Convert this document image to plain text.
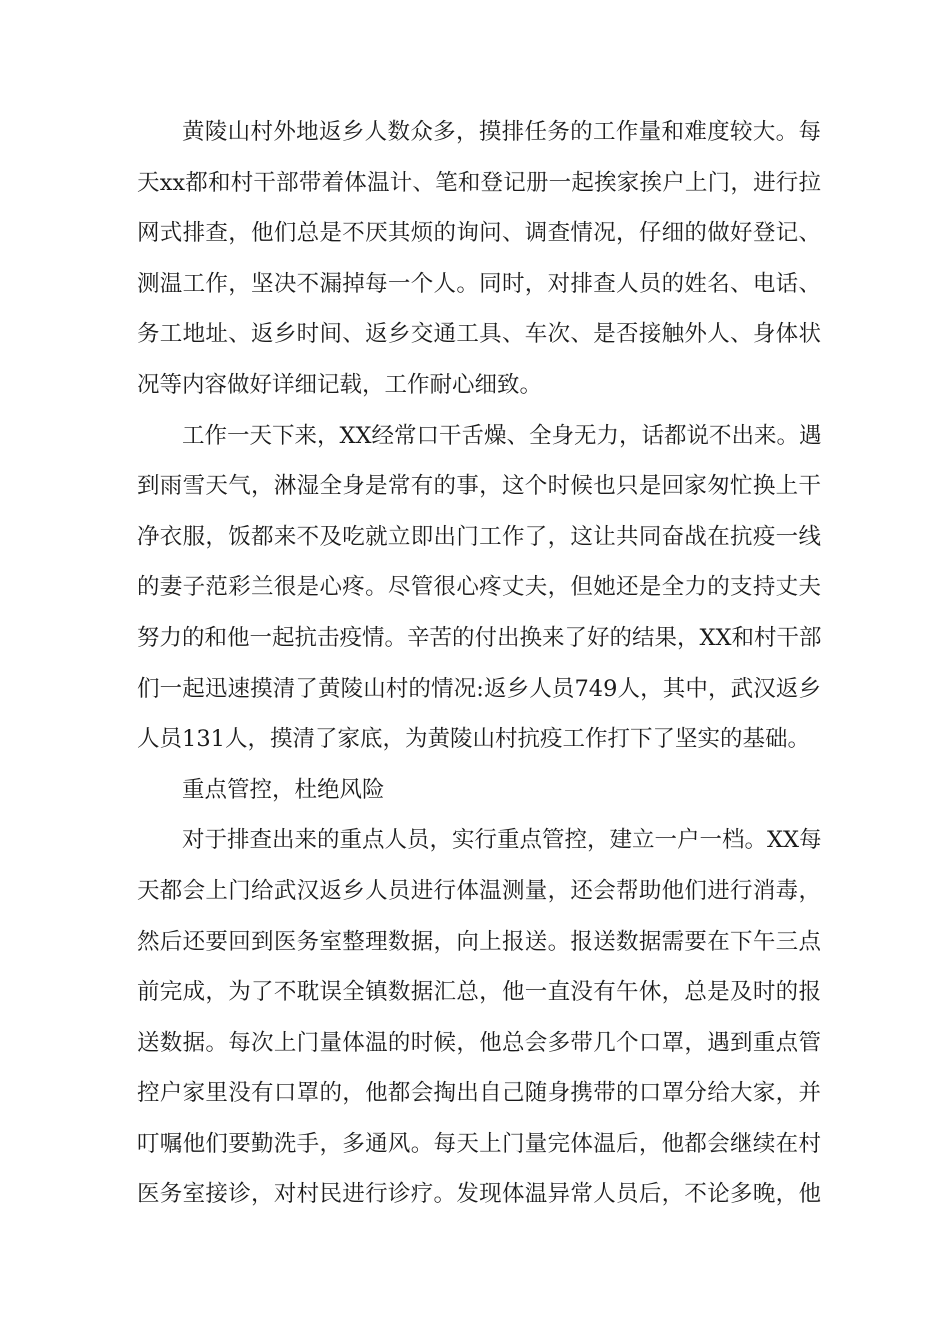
黄陵山村外地返乡人数众多，摸排任务的工作量和难度较大。每
天xx都和村干部带着体温计、笔和登记册一起挨家挨户上门，进行拉
网式排查，他们总是不厌其烦的询问、调查情况，仔细的做好登记、
测温工作，坚决不漏掉每一个人。同时，对排查人员的姓名、电话、
务工地址、返乡时间、返乡交通工具、车次、是否接触外人、身体状
况等内容做好详细记载，工作耐心细致。
工作一天下来，XX经常口干舌燥、全身无力，话都说不出来。遇
到雨雪天气，淋湿全身是常有的事，这个时候也只是回家匆忙换上干
净衣服，饭都来不及吃就立即出门工作了，这让共同奋战在抗疫一线
的妻子范彩兰很是心疼。尽管很心疼丈夫，但她还是全力的支持丈夫
努力的和他一起抗击疫情。辛苦的付出换来了好的结果，XX和村干部
们一起迅速摸清了黄陵山村的情况:返乡人员749人，其中，武汉返乡
人员131人，摸清了家底，为黄陵山村抗疫工作打下了坚实的基础。
重点管控，杜绝风险
对于排查出来的重点人员，实行重点管控，建立一户一档。XX每
天都会上门给武汉返乡人员进行体温测量，还会帮助他们进行消毒，
然后还要回到医务室整理数据，向上报送。报送数据需要在下午三点
前完成，为了不耽误全镇数据汇总，他一直没有午休，总是及时的报
送数据。每次上门量体温的时候，他总会多带几个口罩，遇到重点管
控户家里没有口罩的，他都会掏出自己随身携带的口罩分给大家，并
叮嘱他们要勤洗手，多通风。每天上门量完体温后，他都会继续在村
医务室接诊，对村民进行诊疗。发现体温异常人员后，不论多晚，他
